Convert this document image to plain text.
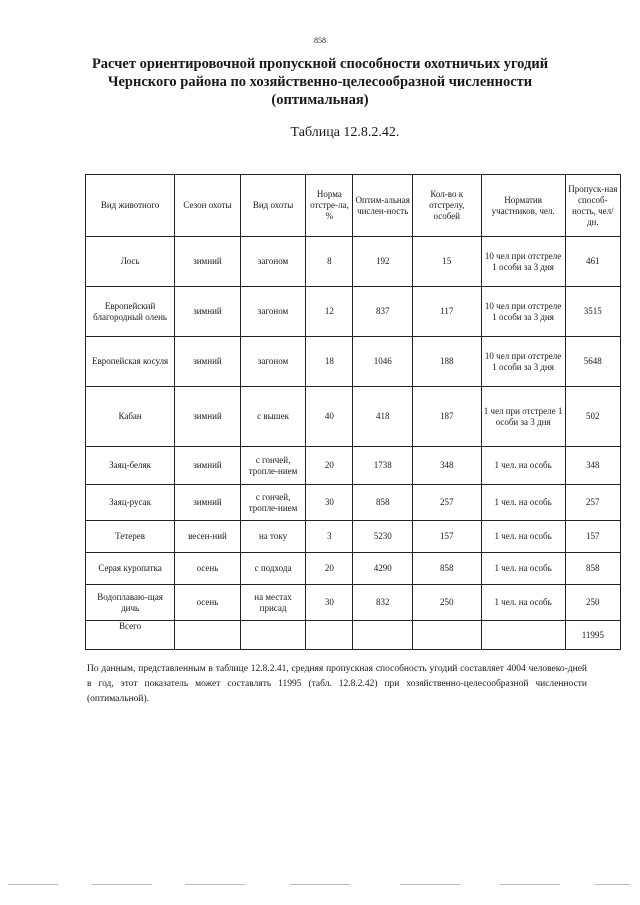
858
Расчет ориентировочной пропускной способности охотничьих угодий
Чернского района по хозяйственно-целесообразной численности
(оптимальная)
Таблица 12.8.2.42.
Вид животного	Сезон охоты	Вид охоты	Норма отстре-ла, %	Оптим-альная числен-ность	Кол-во к отстрелу, особей	Норматив участников, чел.	Пропуск-ная способ-ность, чел/дн.
Лось	зимний	загоном	8	192	15	10 чел при отстреле 1 особи за 3 дня	461
Европейский благородный олень	зимний	загоном	12	837	117	10 чел при отстреле 1 особи за 3 дня	3515
Европейская косуля	зимний	загоном	18	1046	188	10 чел при отстреле 1 особи за 3 дня	5648
Кабан	зимний	с вышек	40	418	187	1 чел при отстреле 1 особи за 3 дня	502
Заяц-беляк	зимний	с гончей, тропле-нием	20	1738	348	1 чел. на особь	348
Заяц-русак	зимний	с гончей, тропле-нием	30	858	257	1 чел. на особь	257
Тетерев	весен-ний	на току	3	5230	157	1 чел. на особь	157
Серая куропатка	осень	с подхода	20	4290	858	1 чел. на особь	858
Водоплаваю-щая дичь	осень	на местах присад	30	832	250	1 чел. на особь	250
Всего							11995
По данным, представленным в таблице 12.8.2.41, средняя пропускная способность угодий составляет 4004 человеко-дней в год, этот показатель может составлять 11995 (табл. 12.8.2.42) при хозяйственно-целесообразной численности (оптимальной).
